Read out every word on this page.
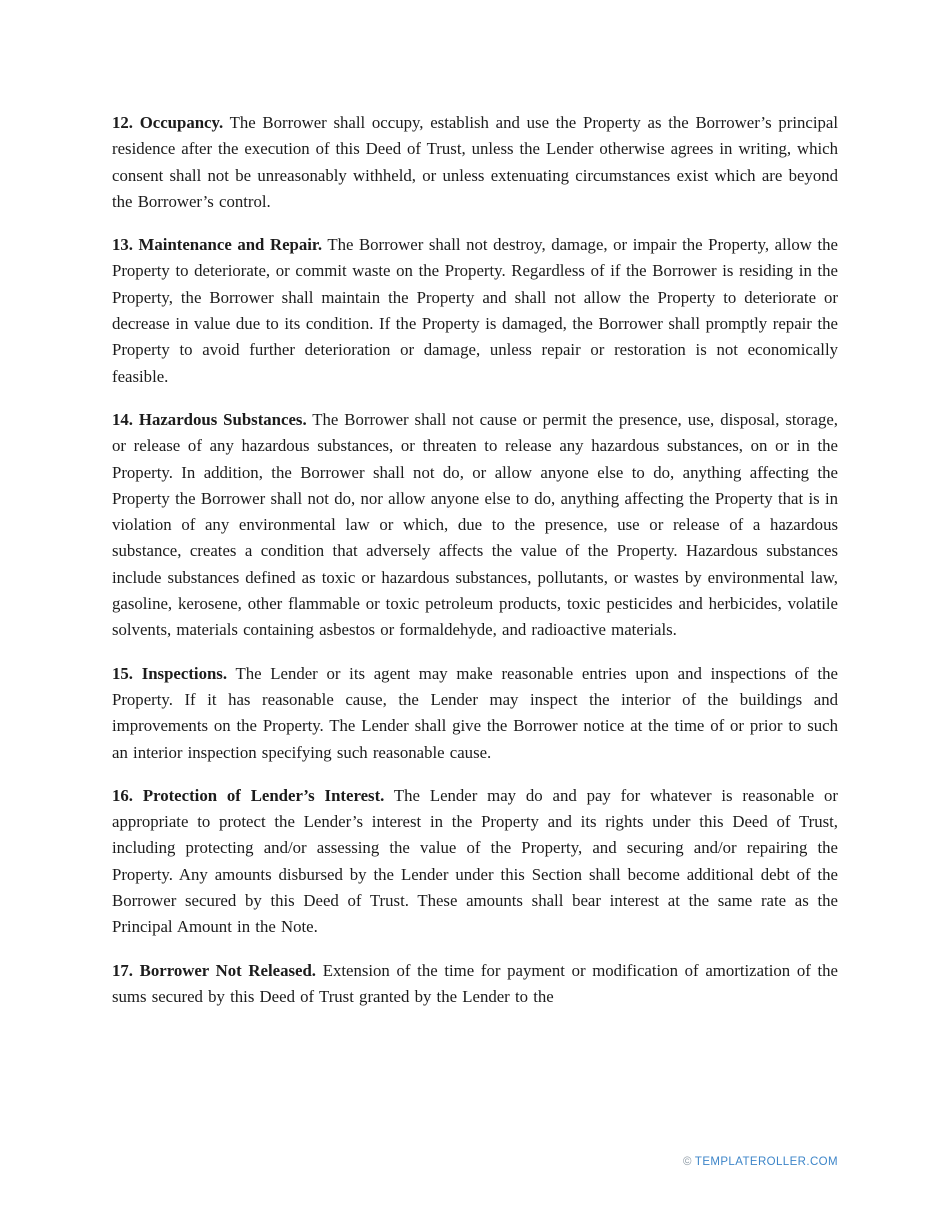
12. Occupancy. The Borrower shall occupy, establish and use the Property as the Borrower’s principal residence after the execution of this Deed of Trust, unless the Lender otherwise agrees in writing, which consent shall not be unreasonably withheld, or unless extenuating circumstances exist which are beyond the Borrower’s control.

13. Maintenance and Repair. The Borrower shall not destroy, damage, or impair the Property, allow the Property to deteriorate, or commit waste on the Property. Regardless of if the Borrower is residing in the Property, the Borrower shall maintain the Property and shall not allow the Property to deteriorate or decrease in value due to its condition. If the Property is damaged, the Borrower shall promptly repair the Property to avoid further deterioration or damage, unless repair or restoration is not economically feasible.

14. Hazardous Substances. The Borrower shall not cause or permit the presence, use, disposal, storage, or release of any hazardous substances, or threaten to release any hazardous substances, on or in the Property. In addition, the Borrower shall not do, or allow anyone else to do, anything affecting the Property the Borrower shall not do, nor allow anyone else to do, anything affecting the Property that is in violation of any environmental law or which, due to the presence, use or release of a hazardous substance, creates a condition that adversely affects the value of the Property. Hazardous substances include substances defined as toxic or hazardous substances, pollutants, or wastes by environmental law, gasoline, kerosene, other flammable or toxic petroleum products, toxic pesticides and herbicides, volatile solvents, materials containing asbestos or formaldehyde, and radioactive materials.

15. Inspections. The Lender or its agent may make reasonable entries upon and inspections of the Property. If it has reasonable cause, the Lender may inspect the interior of the buildings and improvements on the Property. The Lender shall give the Borrower notice at the time of or prior to such an interior inspection specifying such reasonable cause.

16. Protection of Lender’s Interest. The Lender may do and pay for whatever is reasonable or appropriate to protect the Lender’s interest in the Property and its rights under this Deed of Trust, including protecting and/or assessing the value of the Property, and securing and/or repairing the Property. Any amounts disbursed by the Lender under this Section shall become additional debt of the Borrower secured by this Deed of Trust. These amounts shall bear interest at the same rate as the Principal Amount in the Note.

17. Borrower Not Released. Extension of the time for payment or modification of amortization of the sums secured by this Deed of Trust granted by the Lender to the

© TEMPLATEROLLER.COM
